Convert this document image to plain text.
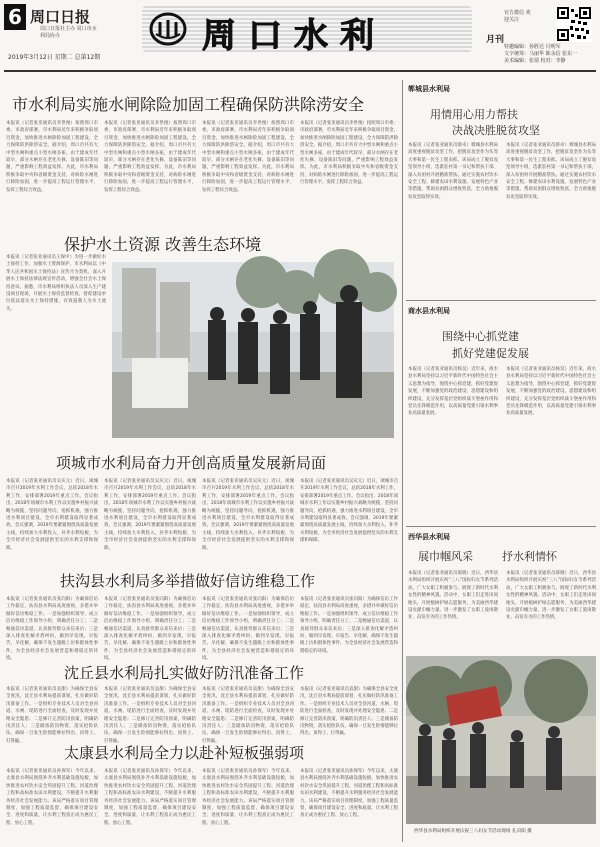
6 周口日报
周口日报社主办 周口市水利局协办
2019年3月12日 星期二 总第12期
周口水利	月刊
官方微信 欢迎关注
特邀编辑：孙胜达 闫明军
文字统筹：马丽华 陈永信 张东一
美术编辑：张倩 校对：李静
市水利局实施水闸除险加固工程确保防洪除涝安全
本报讯（记者张亚通讯员李世俊）按照周口市委、市政府部署，市水利局近年来积极争取项目资金，加快推进水闸除险加固工程建设，全力保障防洪除涝安全。据介绍，周口市共有大中型水闸和重点小型水闸多座，由于建成年代较早，部分水闸存在老化失修、设备陈旧等问题，严重影响工程效益发挥。为此，市水利局积极争取中央和省级资金支持，对病险水闸进行除险加固，进一步提高工程运行管理水平，发挥工程综合效益。
本报讯（记者张亚通讯员李世俊）按照周口市委、市政府部署，市水利局近年来积极争取项目资金，加快推进水闸除险加固工程建设，全力保障防洪除涝安全。据介绍，周口市共有大中型水闸和重点小型水闸多座，由于建成年代较早，部分水闸存在老化失修、设备陈旧等问题，严重影响工程效益发挥。为此，市水利局积极争取中央和省级资金支持，对病险水闸进行除险加固，进一步提高工程运行管理水平，发挥工程综合效益。
本报讯（记者张亚通讯员李世俊）按照周口市委、市政府部署，市水利局近年来积极争取项目资金，加快推进水闸除险加固工程建设，全力保障防洪除涝安全。据介绍，周口市共有大中型水闸和重点小型水闸多座，由于建成年代较早，部分水闸存在老化失修、设备陈旧等问题，严重影响工程效益发挥。为此，市水利局积极争取中央和省级资金支持，对病险水闸进行除险加固，进一步提高工程运行管理水平，发挥工程综合效益。
本报讯（记者张亚通讯员李世俊）按照周口市委、市政府部署，市水利局近年来积极争取项目资金，加快推进水闸除险加固工程建设，全力保障防洪除涝安全。据介绍，周口市共有大中型水闸和重点小型水闸多座，由于建成年代较早，部分水闸存在老化失修、设备陈旧等问题，严重影响工程效益发挥。为此，市水利局积极争取中央和省级资金支持，对病险水闸进行除险加固，进一步提高工程运行管理水平，发挥工程综合效益。
保护水土资源 改善生态环境
本报讯（记者张亚通讯员王保中）为进一步做好水土保持工作，加强水土资源保护，市水利局以《中华人民共和国水土保持法》宣传月为契机，深入开展水土保持法律法规宣传活动，增强全社会水土保持意识。据悉，市水利局组织执法人员深入生产建设项目现场，开展水土保持监督检查，督促建设单位依法落实水土保持措施，有效遏制人为水土流失。
项城市水利局奋力开创高质量发展新局面
本报讯（记者张亚通讯员吴庆元）近日，项城市召开2019年水利工作会议，总结2018年水利工作，安排部署2019年重点工作。会议指出，2018年项城市水利工作以实施乡村振兴战略为统揽，坚持问题导向，抢抓机遇，强力推进水利项目建设，全市水利建设取得显著成效。会议强调，2019年要紧紧围绕高质量发展主线，持续加大水利投入，补齐水利短板，为全市经济社会发展提供坚实的水利支撑和保障。
本报讯（记者张亚通讯员吴庆元）近日，项城市召开2019年水利工作会议，总结2018年水利工作，安排部署2019年重点工作。会议指出，2018年项城市水利工作以实施乡村振兴战略为统揽，坚持问题导向，抢抓机遇，强力推进水利项目建设，全市水利建设取得显著成效。会议强调，2019年要紧紧围绕高质量发展主线，持续加大水利投入，补齐水利短板，为全市经济社会发展提供坚实的水利支撑和保障。
本报讯（记者张亚通讯员吴庆元）近日，项城市召开2019年水利工作会议，总结2018年水利工作，安排部署2019年重点工作。会议指出，2018年项城市水利工作以实施乡村振兴战略为统揽，坚持问题导向，抢抓机遇，强力推进水利项目建设，全市水利建设取得显著成效。会议强调，2019年要紧紧围绕高质量发展主线，持续加大水利投入，补齐水利短板，为全市经济社会发展提供坚实的水利支撑和保障。
本报讯（记者张亚通讯员吴庆元）近日，项城市召开2019年水利工作会议，总结2018年水利工作，安排部署2019年重点工作。会议指出，2018年项城市水利工作以实施乡村振兴战略为统揽，坚持问题导向，抢抓机遇，强力推进水利项目建设，全市水利建设取得显著成效。会议强调，2019年要紧紧围绕高质量发展主线，持续加大水利投入，补齐水利短板，为全市经济社会发展提供坚实的水利支撑和保障。
扶沟县水利局多举措做好信访维稳工作
本报讯（记者张亚通讯员张向阳）为确保信访工作稳定，扶沟县水利局高度重视，多措并举做好信访维稳工作。一是加强组织领导，成立信访维稳工作领导小组，明确责任分工；二是畅通信访渠道，认真接待群众来信来访；三是深入排查化解矛盾纠纷，做到早发现、早报告、早化解，确保不发生越级上访和群体性事件，为全县经济社会发展营造和谐稳定的环境。
本报讯（记者张亚通讯员张向阳）为确保信访工作稳定，扶沟县水利局高度重视，多措并举做好信访维稳工作。一是加强组织领导，成立信访维稳工作领导小组，明确责任分工；二是畅通信访渠道，认真接待群众来信来访；三是深入排查化解矛盾纠纷，做到早发现、早报告、早化解，确保不发生越级上访和群体性事件，为全县经济社会发展营造和谐稳定的环境。
本报讯（记者张亚通讯员张向阳）为确保信访工作稳定，扶沟县水利局高度重视，多措并举做好信访维稳工作。一是加强组织领导，成立信访维稳工作领导小组，明确责任分工；二是畅通信访渠道，认真接待群众来信来访；三是深入排查化解矛盾纠纷，做到早发现、早报告、早化解，确保不发生越级上访和群体性事件，为全县经济社会发展营造和谐稳定的环境。
本报讯（记者张亚通讯员张向阳）为确保信访工作稳定，扶沟县水利局高度重视，多措并举做好信访维稳工作。一是加强组织领导，成立信访维稳工作领导小组，明确责任分工；二是畅通信访渠道，认真接待群众来信来访；三是深入排查化解矛盾纠纷，做到早发现、早报告、早化解，确保不发生越级上访和群体性事件，为全县经济社会发展营造和谐稳定的环境。
沈丘县水利局扎实做好防汛准备工作
本报讯（记者张亚通讯员袁甜）为确保全县安全度汛，沈丘县水利局提前谋划，扎实做好防汛准备工作。一是组织专业技术人员对全县河道、水闸、堤防进行全面检查，及时发现并处理安全隐患；二是修订完善防汛预案，明确防汛责任人；三是储备防汛物资，落实抢险队伍，确保一旦发生险情能够拉得出、顶得上、打得赢。
本报讯（记者张亚通讯员袁甜）为确保全县安全度汛，沈丘县水利局提前谋划，扎实做好防汛准备工作。一是组织专业技术人员对全县河道、水闸、堤防进行全面检查，及时发现并处理安全隐患；二是修订完善防汛预案，明确防汛责任人；三是储备防汛物资，落实抢险队伍，确保一旦发生险情能够拉得出、顶得上、打得赢。
本报讯（记者张亚通讯员袁甜）为确保全县安全度汛，沈丘县水利局提前谋划，扎实做好防汛准备工作。一是组织专业技术人员对全县河道、水闸、堤防进行全面检查，及时发现并处理安全隐患；二是修订完善防汛预案，明确防汛责任人；三是储备防汛物资，落实抢险队伍，确保一旦发生险情能够拉得出、顶得上、打得赢。
本报讯（记者张亚通讯员袁甜）为确保全县安全度汛，沈丘县水利局提前谋划，扎实做好防汛准备工作。一是组织专业技术人员对全县河道、水闸、堤防进行全面检查，及时发现并处理安全隐患；二是修订完善防汛预案，明确防汛责任人；三是储备防汛物资，落实抢险队伍，确保一旦发生险情能够拉得出、顶得上、打得赢。
太康县水利局全力以赴补短板强弱项
本报讯（记者张亚通讯员孙保军）今年以来，太康县水利局围绕补齐水利基础设施短板，加快推进农村饮水安全巩固提升工程、河道治理工程和高标准农田水利建设，不断提升水利服务经济社会发展能力。该局严格落实项目管理制度，加强工程质量监督，确保项目建设安全、进度和质量，让水利工程真正成为惠民工程、放心工程。
本报讯（记者张亚通讯员孙保军）今年以来，太康县水利局围绕补齐水利基础设施短板，加快推进农村饮水安全巩固提升工程、河道治理工程和高标准农田水利建设，不断提升水利服务经济社会发展能力。该局严格落实项目管理制度，加强工程质量监督，确保项目建设安全、进度和质量，让水利工程真正成为惠民工程、放心工程。
本报讯（记者张亚通讯员孙保军）今年以来，太康县水利局围绕补齐水利基础设施短板，加快推进农村饮水安全巩固提升工程、河道治理工程和高标准农田水利建设，不断提升水利服务经济社会发展能力。该局严格落实项目管理制度，加强工程质量监督，确保项目建设安全、进度和质量，让水利工程真正成为惠民工程、放心工程。
本报讯（记者张亚通讯员孙保军）今年以来，太康县水利局围绕补齐水利基础设施短板，加快推进农村饮水安全巩固提升工程、河道治理工程和高标准农田水利建设，不断提升水利服务经济社会发展能力。该局严格落实项目管理制度，加强工程质量监督，确保项目建设安全、进度和质量，让水利工程真正成为惠民工程、放心工程。
郸城县水利局
用情用心用力帮扶
决战决胜脱贫攻坚
本报讯（记者张亚通讯员蔡卓）郸城县水利局高度重视脱贫攻坚工作，把脱贫攻坚作为头等大事和第一民生工程来抓。该局成立了脱贫攻坚领导小组，选派驻村第一书记和帮扶干部，深入贫困村开展精准帮扶。通过实施农村饮水安全工程、修建农田水利设施、发展特色产业等措施，帮助贫困群众增收致富，全力助推脱贫攻坚取得实效。
本报讯（记者张亚通讯员蔡卓）郸城县水利局高度重视脱贫攻坚工作，把脱贫攻坚作为头等大事和第一民生工程来抓。该局成立了脱贫攻坚领导小组，选派驻村第一书记和帮扶干部，深入贫困村开展精准帮扶。通过实施农村饮水安全工程、修建农田水利设施、发展特色产业等措施，帮助贫困群众增收致富，全力助推脱贫攻坚取得实效。
商水县水利局
围绕中心抓党建
抓好党建促发展
本报讯（记者张亚通讯员杨昊）近年来，商水县水利局坚持以习近平新时代中国特色社会主义思想为指导，围绕中心抓党建，抓好党建促发展，不断加强党的政治建设、思想建设和组织建设，充分发挥基层党组织战斗堡垒作用和党员先锋模范作用，以高质量党建引领水利事业高质量发展。
本报讯（记者张亚通讯员杨昊）近年来，商水县水利局坚持以习近平新时代中国特色社会主义思想为指导，围绕中心抓党建，抓好党建促发展，不断加强党的政治建设、思想建设和组织建设，充分发挥基层党组织战斗堡垒作用和党员先锋模范作用，以高质量党建引领水利事业高质量发展。
西华县水利局
展巾帼风采	抒水利情怀
本报讯（记者张亚通讯员郝晓）近日，西华县水利局组织开展庆祝“三八”国际妇女节系列活动，广大女职工积极参与，展现了新时代水利女性的精神风貌。活动中，女职工们走进田间地头，开展植树护绿志愿服务，为美丽西华建设贡献巾帼力量，进一步激发了女职工爱岗敬业、奋发有为的工作热情。
本报讯（记者张亚通讯员郝晓）近日，西华县水利局组织开展庆祝“三八”国际妇女节系列活动，广大女职工积极参与，展现了新时代水利女性的精神风貌。活动中，女职工们走进田间地头，开展植树护绿志愿服务，为美丽西华建设贡献巾帼力量，进一步激发了女职工爱岗敬业、奋发有为的工作热情。
西华县水利局组织开展庆祝三八妇女节活动现场 孔向阳 摄
